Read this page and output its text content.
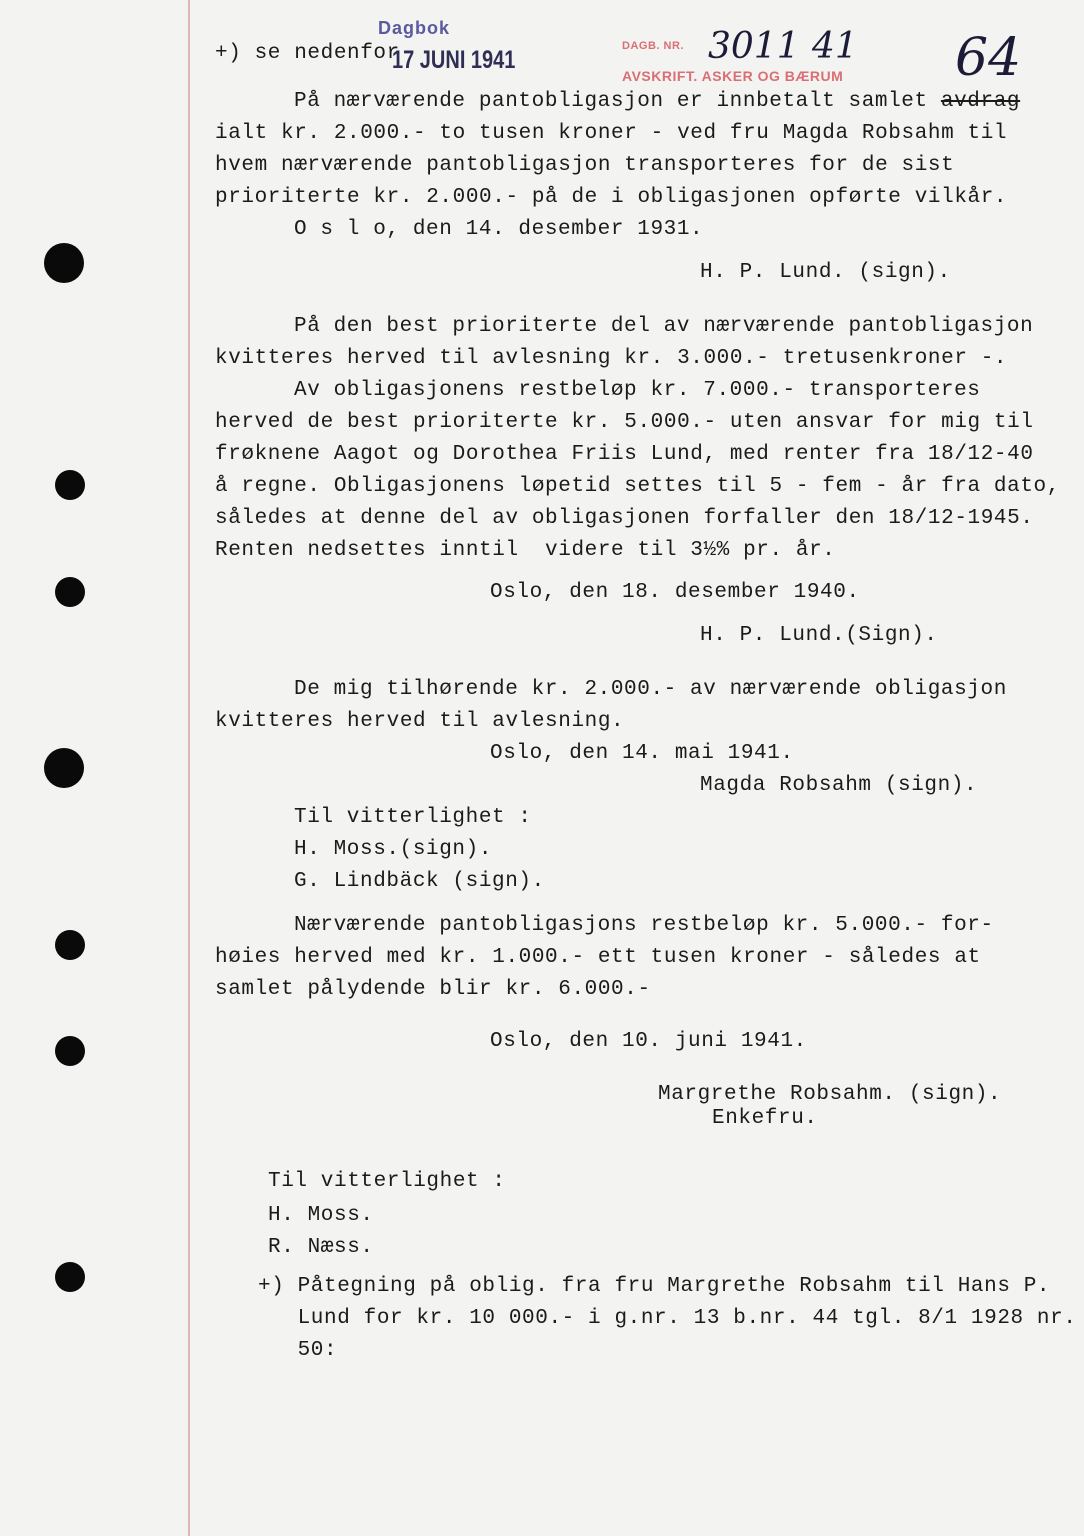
+) se nedenfor
Dagbok
17 JUNI 1941	DAGB. NR. 3011 41
AVSKRIFT. ASKER OG BÆRUM 64
På nærværende pantobligasjon er innbetalt samlet avdrag
ialt kr. 2.000.- to tusen kroner - ved fru Magda Robsahm til
hvem nærværende pantobligasjon transporteres for de sist
prioriterte kr. 2.000.- på de i obligasjonen opførte vilkår.
O s l o, den 14. desember 1931.
H. P. Lund. (sign).
På den best prioriterte del av nærværende pantobligasjon
kvitteres herved til avlesning kr. 3.000.- tretusenkroner -.
Av obligasjonens restbeløp kr. 7.000.- transporteres
herved de best prioriterte kr. 5.000.- uten ansvar for mig til
frøknene Aagot og Dorothea Friis Lund, med renter fra 18/12-40
å regne. Obligasjonens løpetid settes til 5 - fem - år fra dato,
således at denne del av obligasjonen forfaller den 18/12-1945.
Renten nedsettes inntil  videre til 3½% pr. år.
Oslo, den 18. desember 1940.
H. P. Lund.(Sign).
De mig tilhørende kr. 2.000.- av nærværende obligasjon
kvitteres herved til avlesning.
Oslo, den 14. mai 1941.
Magda Robsahm (sign).
Til vitterlighet :
H. Moss.(sign).
G. Lindbäck (sign).
Nærværende pantobligasjons restbeløp kr. 5.000.- for-
høies herved med kr. 1.000.- ett tusen kroner - således at
samlet pålydende blir kr. 6.000.-
Oslo, den 10. juni 1941.
Margrethe Robsahm. (sign).
Enkefru.
Til vitterlighet :
H. Moss.
R. Næss.
+) Påtegning på oblig. fra fru Margrethe Robsahm til Hans P.
Lund for kr. 10 000.- i g.nr. 13 b.nr. 44 tgl. 8/1 1928 nr.
50:
